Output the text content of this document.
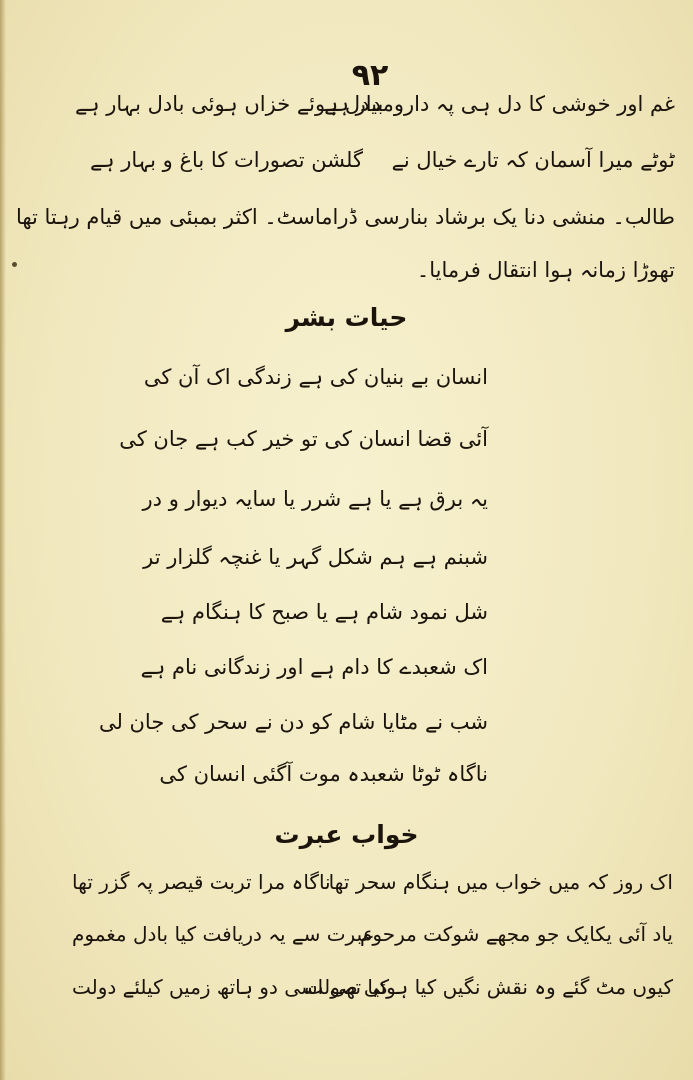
۹۲
غم اور خوشی کا دل ہی پہ دارومدار ہے
بیدل ہوئے خزاں ہوئی بادل بہار ہے
ٹوٹے میرا آسمان کہ تارے خیال نے
گلشن تصورات کا باغ و بہار ہے
طالب۔ منشی دنا یک برشاد بنارسی ڈراماسٹ۔ اکثر بمبئی میں قیام رہتا تھا
تھوڑا زمانہ ہوا انتقال فرمایا۔
حیات بشر
انسان بے بنیان کی ہے زندگی اک آن کی
آئی قضا انسان کی تو خیر کب ہے جان کی
یہ برق ہے یا ہے شرر یا سایہ دیوار و در
شبنم ہے ہم شکل گہر یا غنچہ گلزار تر
شل نمود شام ہے یا صبح کا ہنگام ہے
اک شعبدے کا دام ہے اور زندگانی نام ہے
شب نے مٹایا شام کو دن نے سحر کی جان لی
ناگاہ ٹوٹا شعبدہ موت آگئی انسان کی
خواب عبرت
اک روز کہ میں خواب میں ہنگام سحر تھا
ناگاہ مرا تربت قیصر پہ گزر تھا
یاد آئی یکایک جو مجھے شوکت مرحوم
عبرت سے یہ دریافت کیا بادل مغموم
کیوں مٹ گئے وہ نقش نگیں کیا ہوئی صولت
کیا تھی اسی دو ہاتھ زمیں کیلئے دولت
